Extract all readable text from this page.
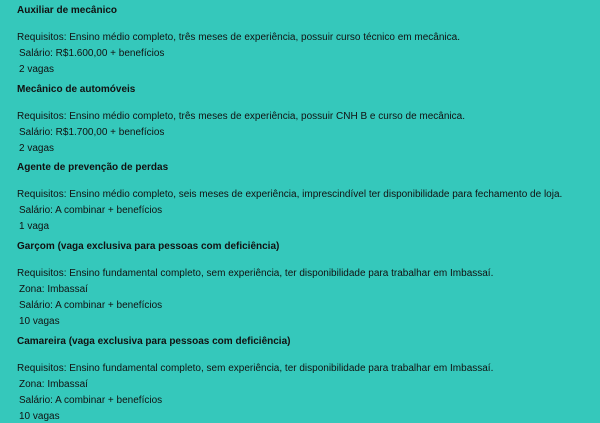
Auxiliar de mecânico
Requisitos: Ensino médio completo, três meses de experiência, possuir curso técnico em mecânica.
Salário: R$1.600,00 + benefícios
2 vagas
Mecânico de automóveis
Requisitos: Ensino médio completo, três meses de experiência, possuir CNH B e curso de mecânica.
Salário: R$1.700,00 + benefícios
2 vagas
Agente de prevenção de perdas
Requisitos: Ensino médio completo, seis meses de experiência, imprescindível ter disponibilidade para fechamento de loja.
Salário: A combinar + benefícios
1 vaga
Garçom (vaga exclusiva para pessoas com deficiência)
Requisitos: Ensino fundamental completo, sem experiência, ter disponibilidade para trabalhar em Imbassaí.
Zona: Imbassaí
Salário: A combinar + benefícios
10 vagas
Camareira (vaga exclusiva para pessoas com deficiência)
Requisitos: Ensino fundamental completo, sem experiência, ter disponibilidade para trabalhar em Imbassaí.
Zona: Imbassaí
Salário: A combinar + benefícios
10 vagas
